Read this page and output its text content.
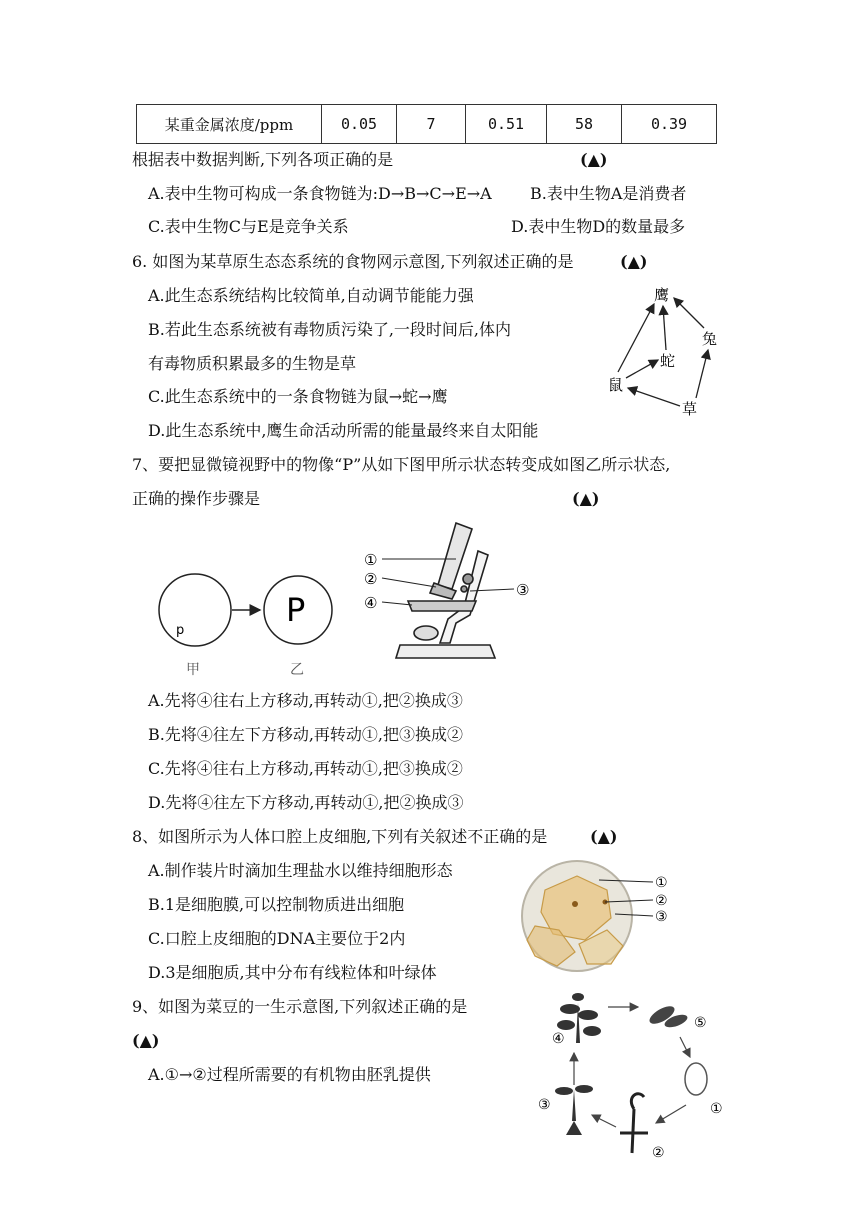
某重金属浓度/ppm	0.05	7	0.51	58	0.39
根据表中数据判断,下列各项正确的是	(▲)
A.表中生物可构成一条食物链为:D→B→C→E→A B.表中生物A是消费者
C.表中生物C与E是竞争关系	D.表中生物D的数量最多
6. 如图为某草原生态态系统的食物网示意图,下列叙述正确的是	(▲)
A.此生态系统结构比较简单,自动调节能能力强
B.若此生态系统被有毒物质污染了,一段时间后,体内
有毒物质积累最多的生物是草
C.此生态系统中的一条食物链为鼠→蛇→鹰
D.此生态系统中,鹰生命活动所需的能量最终来自太阳能
鹰
兔
蛇
鼠
草
7、要把显微镜视野中的物像“P”从如下图甲所示状态转变成如图乙所示状态,
正确的操作步骤是	(▲)
p
P
甲	乙
①
②
③
④
A.先将④往右上方移动,再转动①,把②换成③
B.先将④往左下方移动,再转动①,把③换成②
C.先将④往右上方移动,再转动①,把③换成②
D.先将④往左下方移动,再转动①,把②换成③
8、如图所示为人体口腔上皮细胞,下列有关叙述不正确的是	(▲)
A.制作装片时滴加生理盐水以维持细胞形态
B.1是细胞膜,可以控制物质进出细胞
C.口腔上皮细胞的DNA主要位于2内
D.3是细胞质,其中分布有线粒体和叶绿体
①
②
③
9、如图为菜豆的一生示意图,下列叙述正确的是
(▲)
A.①→②过程所需要的有机物由胚乳提供
①
②
③
④
⑤
